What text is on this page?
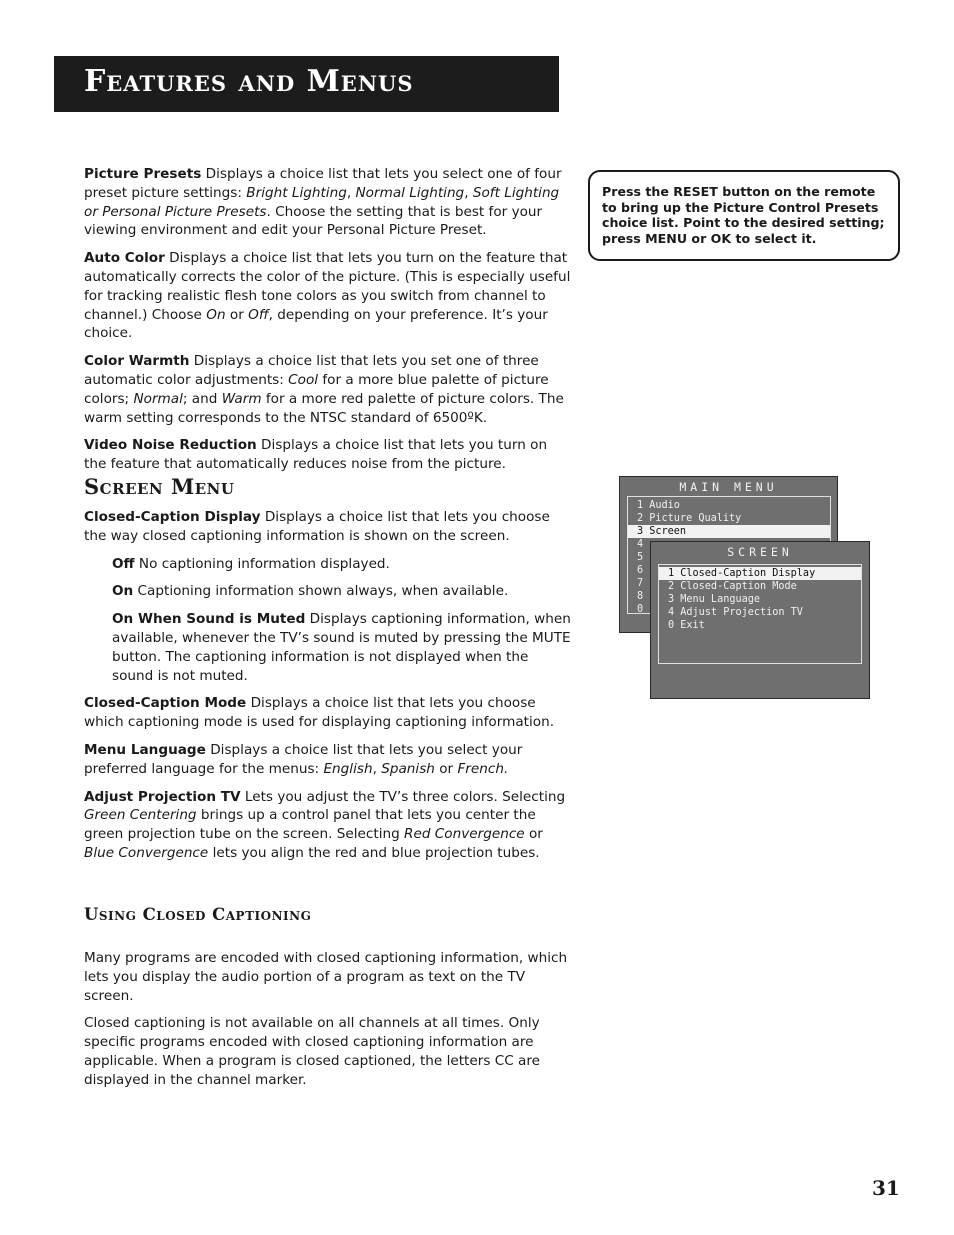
Features and Menus

Picture Presets Displays a choice list that lets you select one of four preset picture settings: Bright Lighting, Normal Lighting, Soft Lighting or Personal Picture Presets. Choose the setting that is best for your viewing environment and edit your Personal Picture Preset.

Auto Color Displays a choice list that lets you turn on the feature that automatically corrects the color of the picture. (This is especially useful for tracking realistic flesh tone colors as you switch from channel to channel.) Choose On or Off, depending on your preference. It’s your choice.

Color Warmth Displays a choice list that lets you set one of three automatic color adjustments: Cool for a more blue palette of picture colors; Normal; and Warm for a more red palette of picture colors. The warm setting corresponds to the NTSC standard of 6500ºK.

Video Noise Reduction Displays a choice list that lets you turn on the feature that automatically reduces noise from the picture.

Screen Menu

Closed-Caption Display Displays a choice list that lets you choose the way closed captioning information is shown on the screen.

Off No captioning information displayed.

On Captioning information shown always, when available.

On When Sound is Muted Displays captioning information, when available, whenever the TV’s sound is muted by pressing the MUTE button. The captioning information is not displayed when the sound is not muted.

Closed-Caption Mode Displays a choice list that lets you choose which captioning mode is used for displaying captioning information.

Menu Language Displays a choice list that lets you select your preferred language for the menus: English, Spanish or French.

Adjust Projection TV Lets you adjust the TV’s three colors. Selecting Green Centering brings up a control panel that lets you center the green projection tube on the screen. Selecting Red Convergence or Blue Convergence lets you align the red and blue projection tubes.

Using Closed Captioning

Many programs are encoded with closed captioning information, which lets you display the audio portion of a program as text on the TV screen.

Closed captioning is not available on all channels at all times. Only specific programs encoded with closed captioning information are applicable. When a program is closed captioned, the letters CC are displayed in the channel marker.

Press the RESET button on the remote to bring up the Picture Control Presets choice list. Point to the desired setting; press MENU or OK to select it.
MAIN MENU
1 Audio
2 Picture Quality
3 Screen
4
5
6
7
8
0
SCREEN
1 Closed-Caption Display
2 Closed-Caption Mode
3 Menu Language
4 Adjust Projection TV
0 Exit
31
